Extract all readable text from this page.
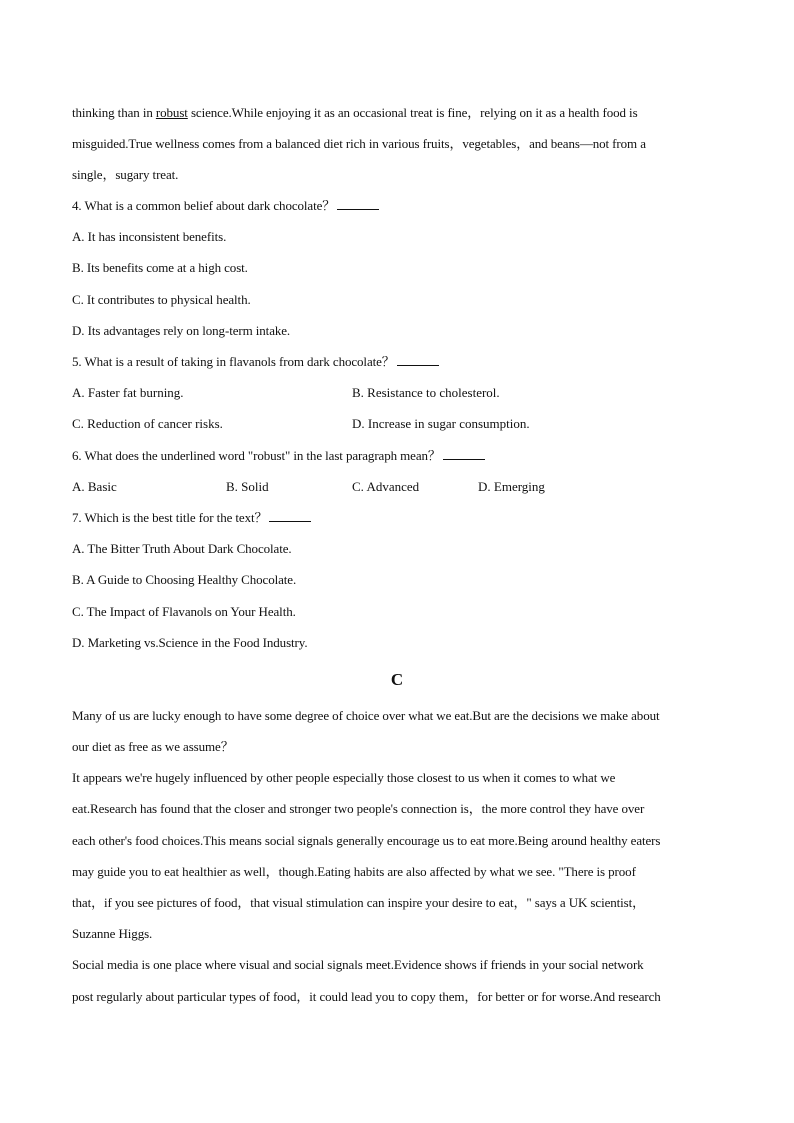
thinking than in robust science.While enjoying it as an occasional treat is fine，relying on it as a health food is
misguided.True wellness comes from a balanced diet rich in various fruits，vegetables，and beans—not from a
single，sugary treat.
4. What is a common belief about dark chocolate？
A. It has inconsistent benefits.
B. Its benefits come at a high cost.
C. It contributes to physical health.
D. Its advantages rely on long-term intake.
5. What is a result of taking in flavanols from dark chocolate？
A. Faster fat burning.	B. Resistance to cholesterol.
C. Reduction of cancer risks.	D. Increase in sugar consumption.
6. What does the underlined word "robust" in the last paragraph mean？
A. Basic	B. Solid	C. Advanced	D. Emerging
7. Which is the best title for the text？
A. The Bitter Truth About Dark Chocolate.
B. A Guide to Choosing Healthy Chocolate.
C. The Impact of Flavanols on Your Health.
D. Marketing vs.Science in the Food Industry.
C
Many of us are lucky enough to have some degree of choice over what we eat.But are the decisions we make about
our diet as free as we assume？
It appears we're hugely influenced by other people especially those closest to us when it comes to what we
eat.Research has found that the closer and stronger two people's connection is，the more control they have over
each other's food choices.This means social signals generally encourage us to eat more.Being around healthy eaters
may guide you to eat healthier as well，though.Eating habits are also affected by what we see. "There is proof
that，if you see pictures of food，that visual stimulation can inspire your desire to eat，" says a UK scientist，
Suzanne Higgs.
Social media is one place where visual and social signals meet.Evidence shows if friends in your social network
post regularly about particular types of food，it could lead you to copy them，for better or for worse.And research
